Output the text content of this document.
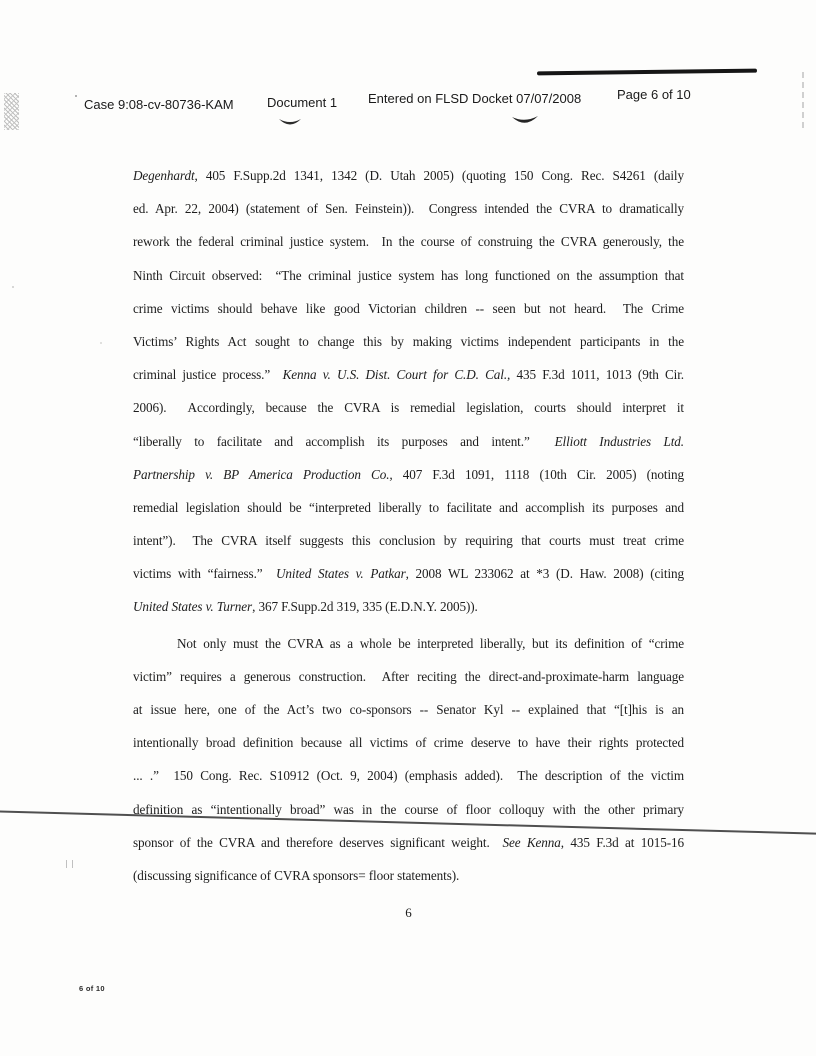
Case 9:08-cv-80736-KAM	Document 1 Entered on FLSD Docket 07/07/2008	Page 6 of 10
Degenhardt, 405 F.Supp.2d 1341, 1342 (D. Utah 2005) (quoting 150 Cong. Rec. S4261 (daily
ed. Apr. 22, 2004) (statement of Sen. Feinstein)).  Congress intended the CVRA to dramatically
rework the federal criminal justice system.  In the course of construing the CVRA generously, the
Ninth Circuit observed:  “The criminal justice system has long functioned on the assumption that
crime victims should behave like good Victorian children -- seen but not heard.  The Crime
Victims’ Rights Act sought to change this by making victims independent participants in the
criminal justice process.”  Kenna v. U.S. Dist. Court for C.D. Cal., 435 F.3d 1011, 1013 (9th Cir.
2006).  Accordingly, because the CVRA is remedial legislation, courts should interpret it
“liberally to facilitate and accomplish its purposes and intent.”  Elliott Industries Ltd.
Partnership v. BP America Production Co., 407 F.3d 1091, 1118 (10th Cir. 2005) (noting
remedial legislation should be “interpreted liberally to facilitate and accomplish its purposes and
intent”).  The CVRA itself suggests this conclusion by requiring that courts must treat crime
victims with “fairness.”  United States v. Patkar, 2008 WL 233062 at *3 (D. Haw. 2008) (citing
United States v. Turner, 367 F.Supp.2d 319, 335 (E.D.N.Y. 2005)).
Not only must the CVRA as a whole be interpreted liberally, but its definition of “crime
victim” requires a generous construction.  After reciting the direct-and-proximate-harm language
at issue here, one of the Act’s two co-sponsors -- Senator Kyl -- explained that “[t]his is an
intentionally broad definition because all victims of crime deserve to have their rights protected
... .”  150 Cong. Rec. S10912 (Oct. 9, 2004) (emphasis added).  The description of the victim
definition as “intentionally broad” was in the course of floor colloquy with the other primary
sponsor of the CVRA and therefore deserves significant weight.  See Kenna, 435 F.3d at 1015-16
(discussing significance of CVRA sponsors= floor statements).
6
6 of 10
